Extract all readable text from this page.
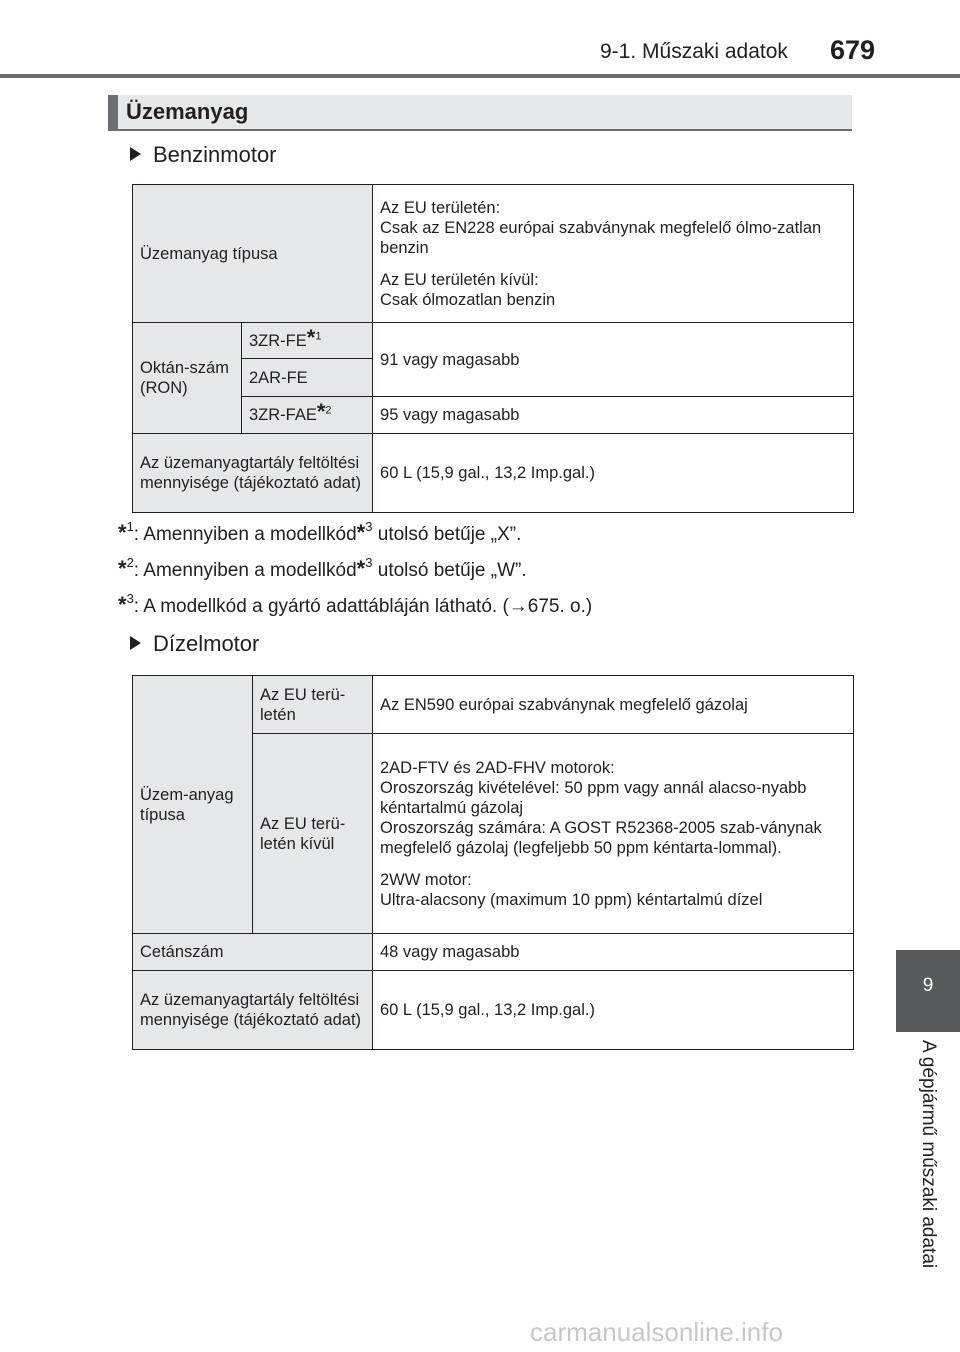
9-1. Műszaki adatok 679
Üzemanyag
Benzinmotor
Üzemanyag típusa		Az EU területén:
Csak az EN228 európai szabványnak megfelelő ólmo-zatlan benzin
Az EU területén kívül:
Csak ólmozatlan benzin

Oktán-szám (RON)	3ZR-FE*$^1$	91 vagy magasabb
	2AR-FE	
	3ZR-FAE*$^2$	95 vagy magasabb
Az üzemanyagtartály feltöltési mennyisége (tájékoztató adat)		60 L (15,9 gal., 13,2 Imp.gal.)
*$^1$: Amennyiben a modellkód*$^3$ utolsó betűje „X”.
*$^2$: Amennyiben a modellkód*$^3$ utolsó betűje „W”.
*$^3$: A modellkód a gyártó adattábláján látható. (→675. o.)
Dízelmotor
Üzem-anyag típusa	Az EU terü-letén	Az EN590 európai szabványnak megfelelő gázolaj
	Az EU terü-letén kívül	2AD-FTV és 2AD-FHV motorok:
Oroszország kivételével: 50 ppm vagy annál alacso-nyabb kéntartalmú gázolaj
Oroszország számára: A GOST R52368-2005 szab-ványnak megfelelő gázolaj (legfeljebb 50 ppm kéntarta-lommal).
2WW motor:
Ultra-alacsony (maximum 10 ppm) kéntartalmú dízel

Cetánszám		48 vagy magasabb
Az üzemanyagtartály feltöltési mennyisége (tájékoztató adat)		60 L (15,9 gal., 13,2 Imp.gal.)
9
A gépjármű műszaki adatai
carmanualsonline.info
